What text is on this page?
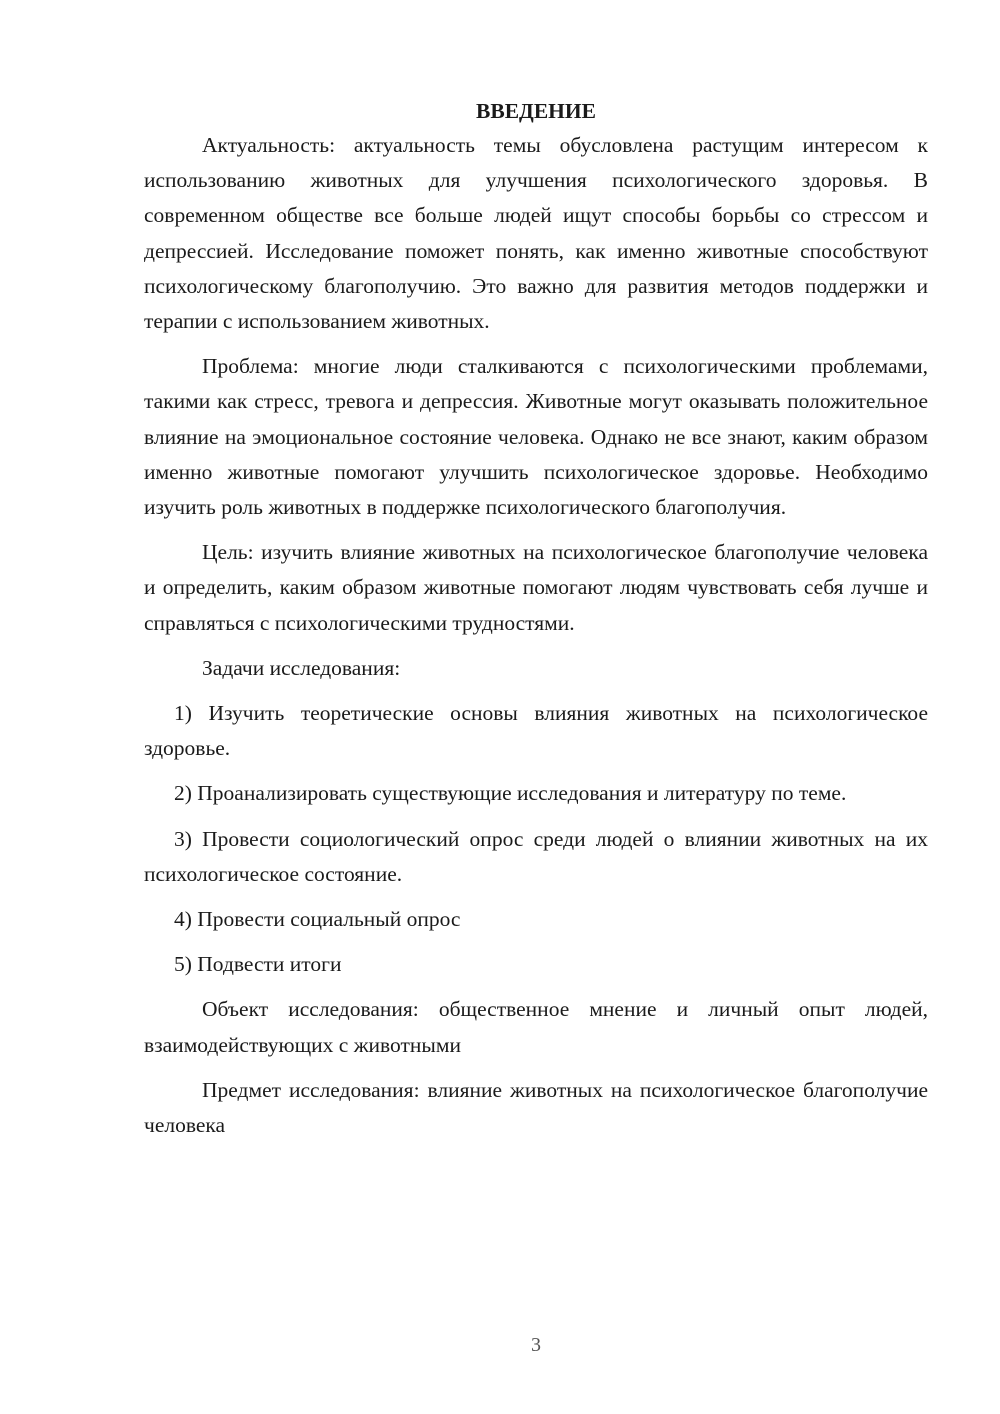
ВВЕДЕНИЕ

Актуальность: актуальность темы обусловлена растущим интересом к использованию животных для улучшения психологического здоровья. В современном обществе все больше людей ищут способы борьбы со стрессом и депрессией. Исследование поможет понять, как именно животные способствуют психологическому благополучию. Это важно для развития методов поддержки и терапии с использованием животных.

Проблема: многие люди сталкиваются с психологическими проблемами, такими как стресс, тревога и депрессия. Животные могут оказывать положительное влияние на эмоциональное состояние человека. Однако не все знают, каким образом именно животные помогают улучшить психологическое здоровье. Необходимо изучить роль животных в поддержке психологического благополучия.

Цель: изучить влияние животных на психологическое благополучие человека и определить, каким образом животные помогают людям чувствовать себя лучше и справляться с психологическими трудностями.

Задачи исследования:

1) Изучить теоретические основы влияния животных на психологическое здоровье.

2) Проанализировать существующие исследования и литературу по теме.

3) Провести социологический опрос среди людей о влиянии животных на их психологическое состояние.

4) Провести социальный опрос

5) Подвести итоги

Объект исследования: общественное мнение и личный опыт людей, взаимодействующих с животными

Предмет исследования: влияние животных на психологическое благополучие человека

3
